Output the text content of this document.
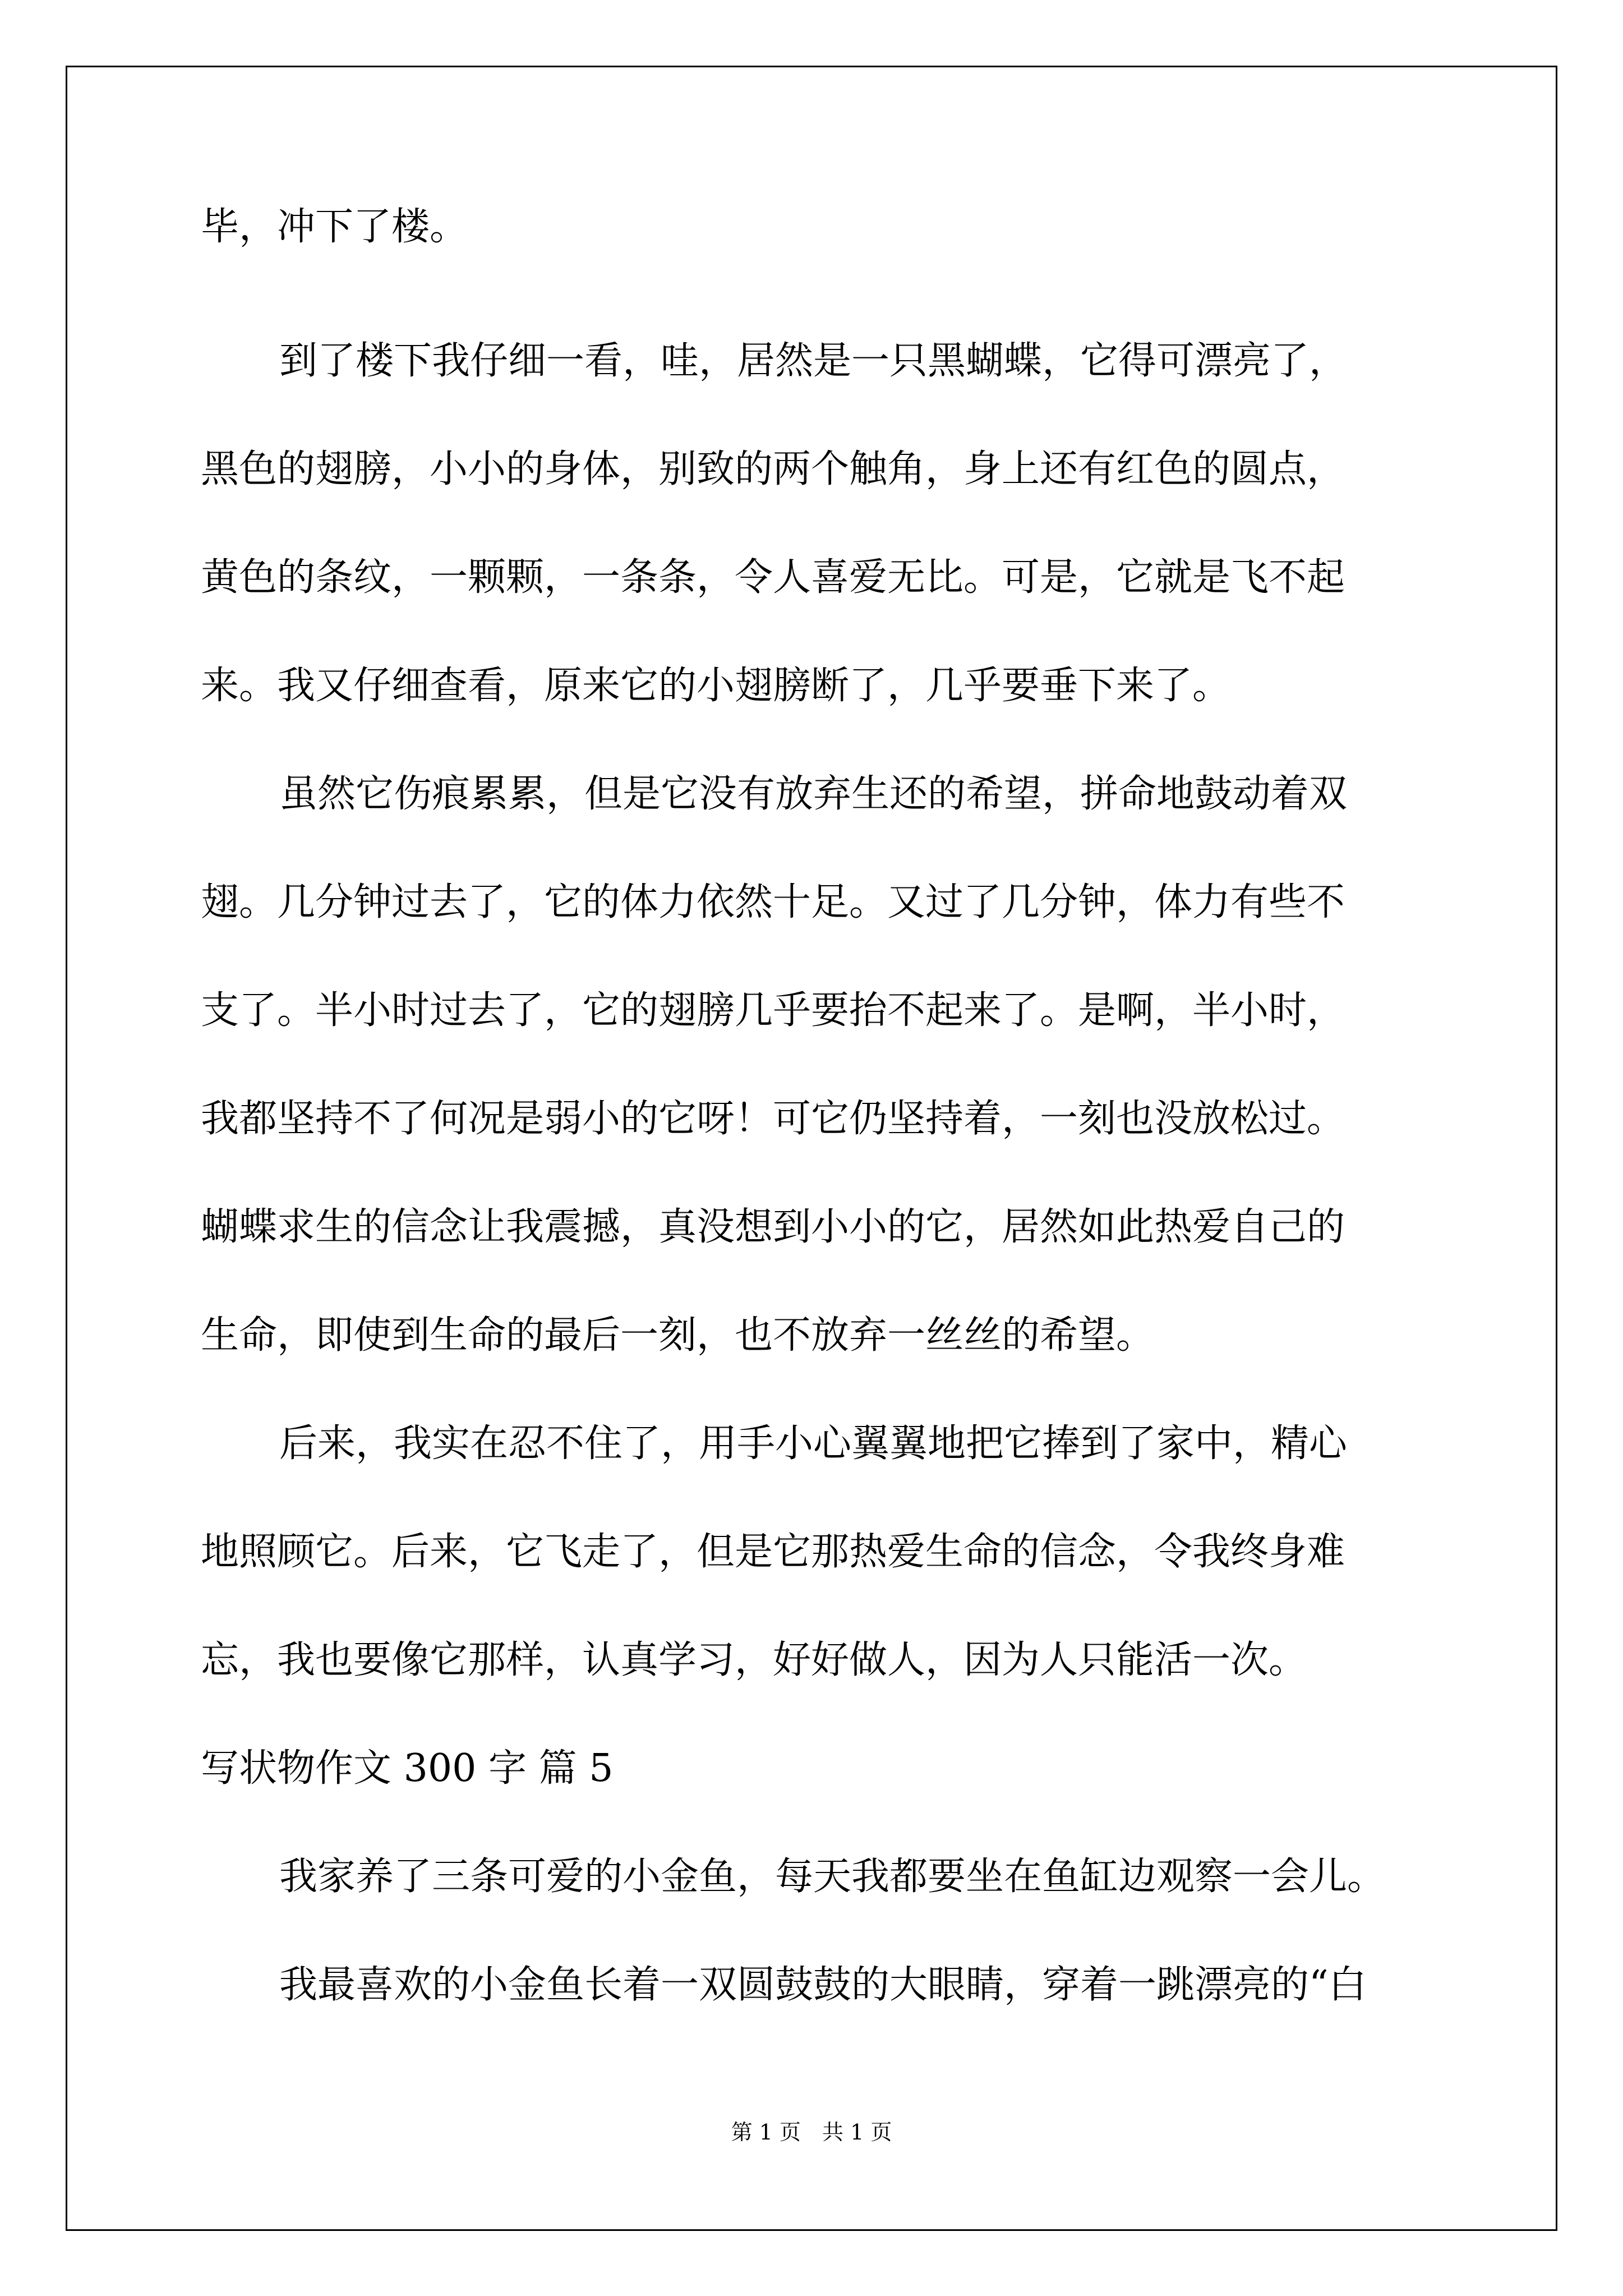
毕，冲下了楼。
到了楼下我仔细一看，哇，居然是一只黑蝴蝶，它得可漂亮了，
黑色的翅膀，小小的身体，别致的两个触角，身上还有红色的圆点，
黄色的条纹，一颗颗，一条条，令人喜爱无比。可是，它就是飞不起
来。我又仔细查看，原来它的小翅膀断了，几乎要垂下来了。
虽然它伤痕累累，但是它没有放弃生还的希望，拼命地鼓动着双
翅。几分钟过去了，它的体力依然十足。又过了几分钟，体力有些不
支了。半小时过去了，它的翅膀几乎要抬不起来了。是啊，半小时，
我都坚持不了何况是弱小的它呀！可它仍坚持着，一刻也没放松过。
蝴蝶求生的信念让我震撼，真没想到小小的它，居然如此热爱自己的
生命，即使到生命的最后一刻，也不放弃一丝丝的希望。
后来，我实在忍不住了，用手小心翼翼地把它捧到了家中，精心
地照顾它。后来，它飞走了，但是它那热爱生命的信念，令我终身难
忘，我也要像它那样，认真学习，好好做人，因为人只能活一次。
写状物作文 300 字 篇 5
我家养了三条可爱的小金鱼，每天我都要坐在鱼缸边观察一会儿。
我最喜欢的小金鱼长着一双圆鼓鼓的大眼睛，穿着一跳漂亮的“白
第 1 页　共 1 页
